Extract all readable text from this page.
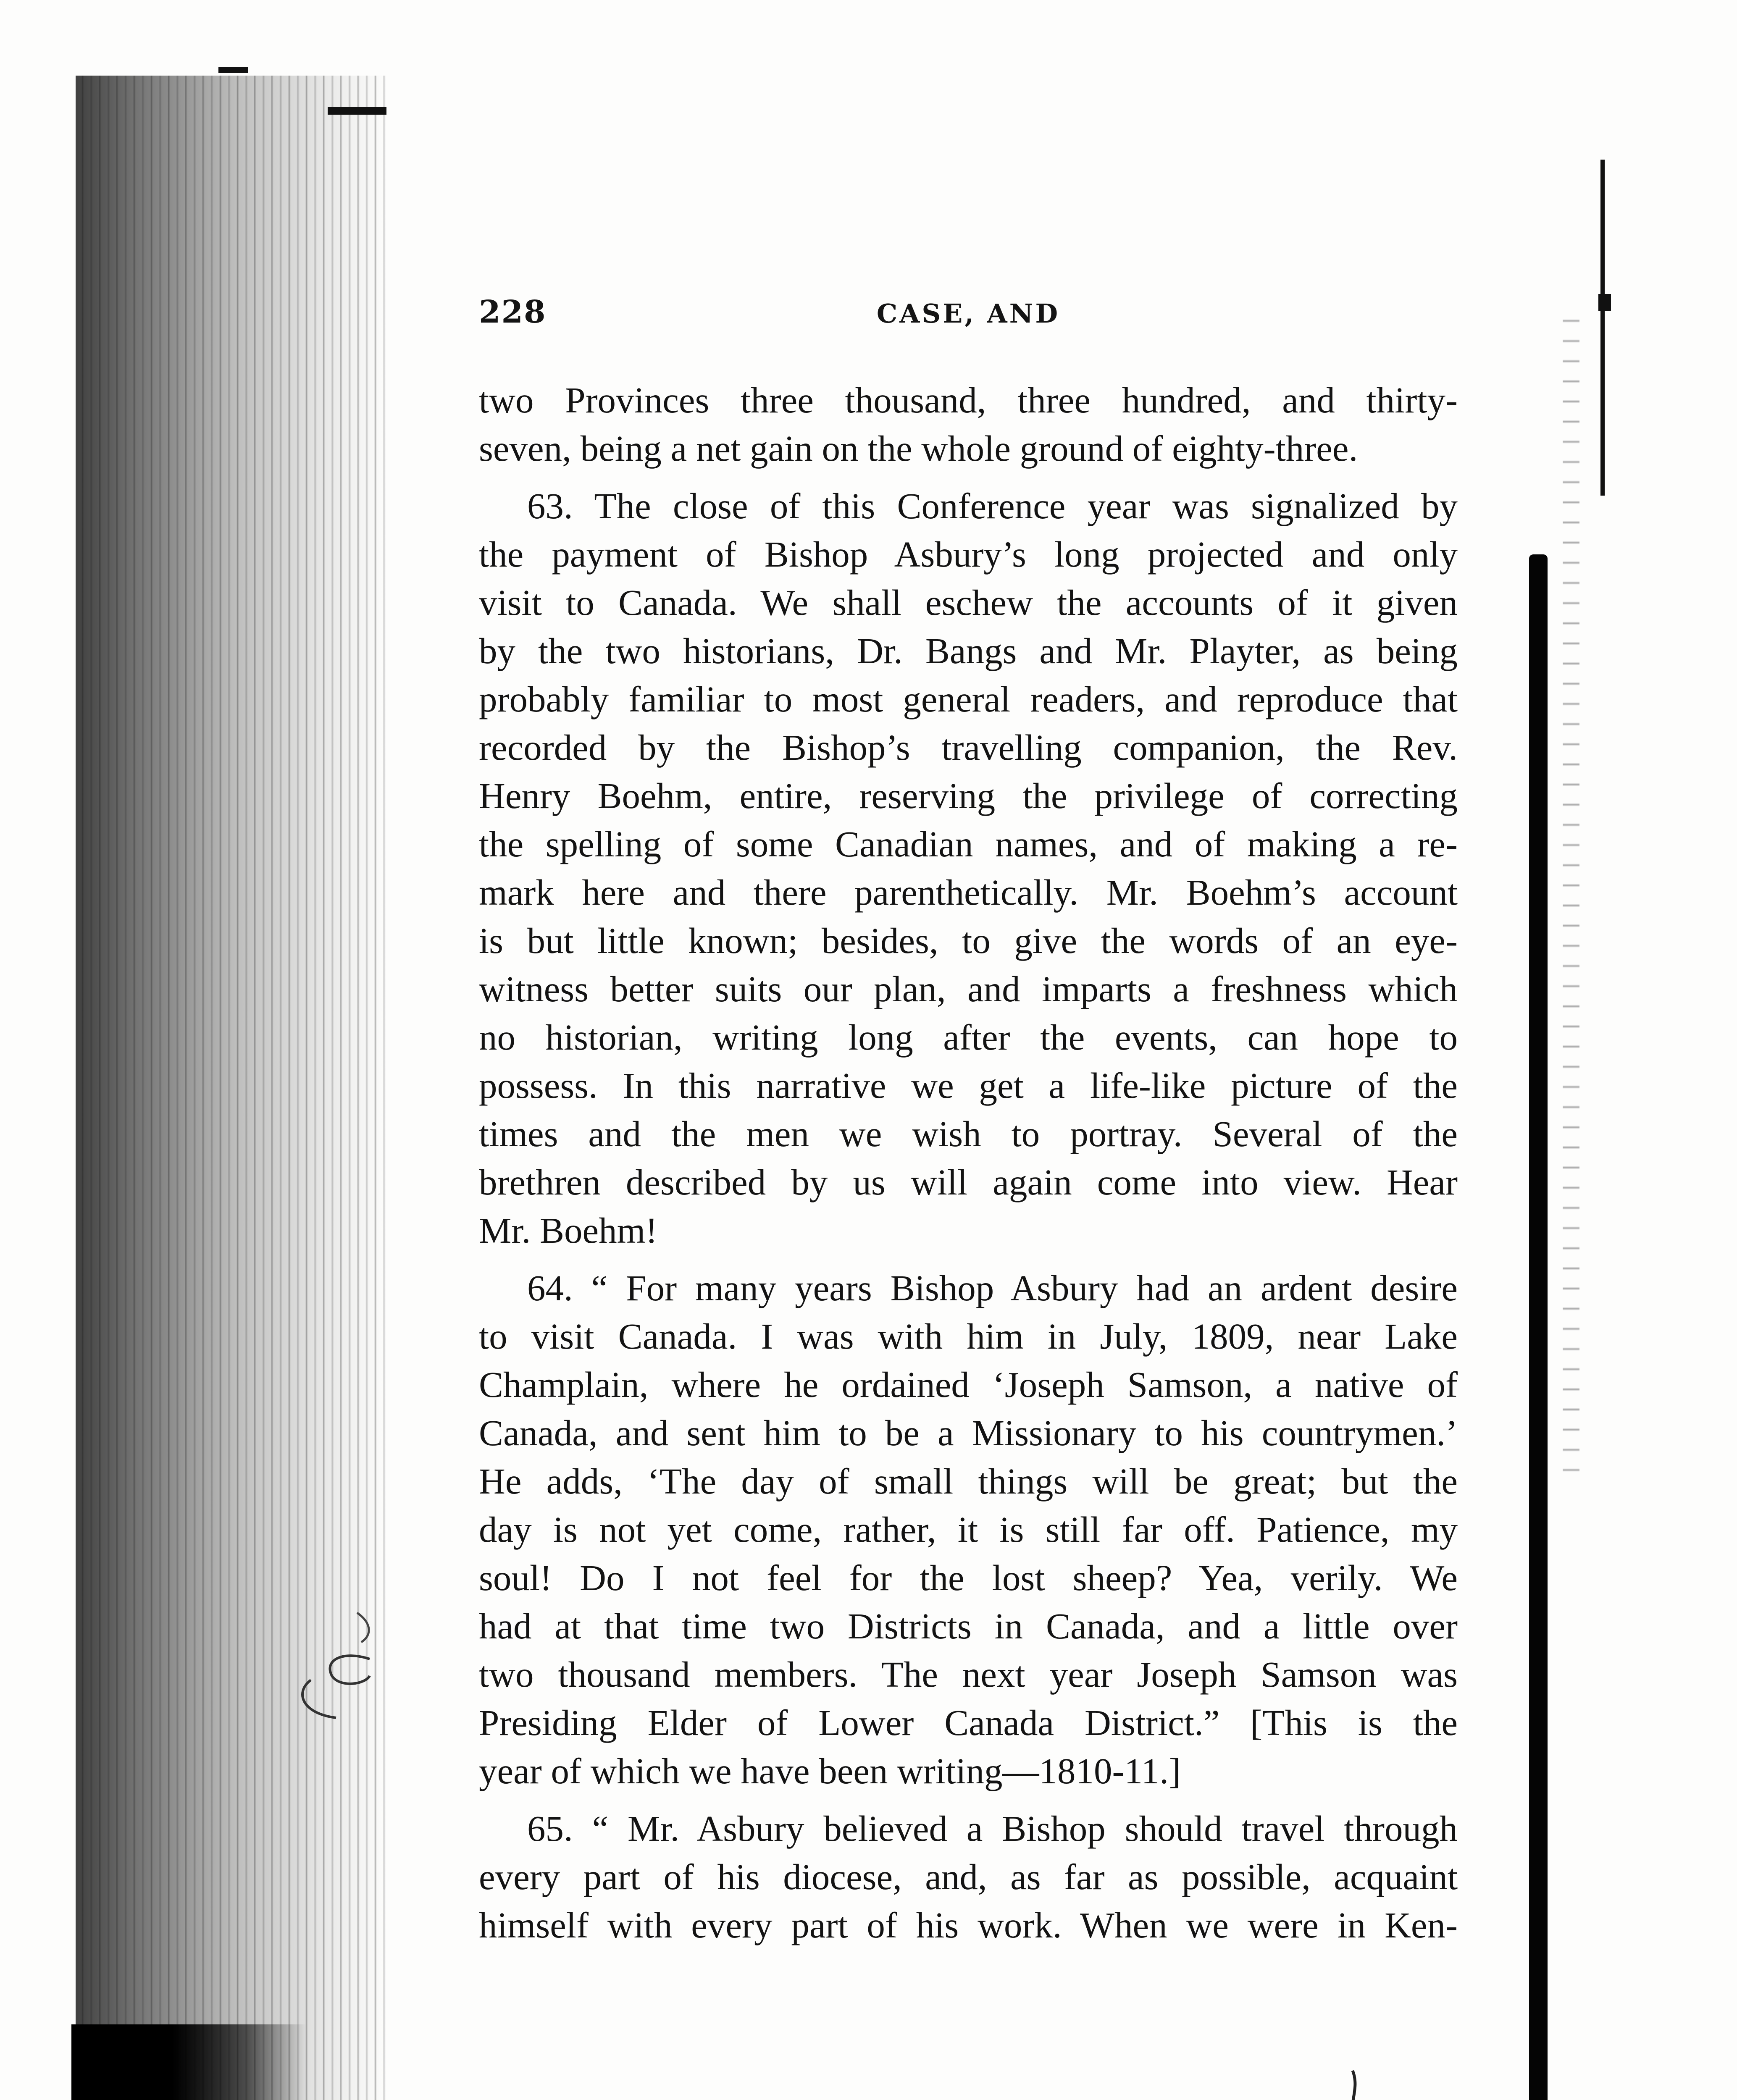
228	CASE, AND
two Provinces three thousand, three hundred, and thirty-
seven, being a net gain on the whole ground of eighty-three.
63. The close of this Conference year was signalized by
the payment of Bishop Asbury’s long projected and only
visit to Canada. We shall eschew the accounts of it given
by the two historians, Dr. Bangs and Mr. Playter, as being
probably familiar to most general readers, and reproduce that
recorded by the Bishop’s travelling companion, the Rev.
Henry Boehm, entire, reserving the privilege of correcting
the spelling of some Canadian names, and of making a re-
mark here and there parenthetically. Mr. Boehm’s account
is but little known; besides, to give the words of an eye-
witness better suits our plan, and imparts a freshness which
no historian, writing long after the events, can hope to
possess. In this narrative we get a life-like picture of the
times and the men we wish to portray. Several of the
brethren described by us will again come into view. Hear
Mr. Boehm!
64. “ For many years Bishop Asbury had an ardent desire
to visit Canada. I was with him in July, 1809, near Lake
Champlain, where he ordained ‘Joseph Samson, a native of
Canada, and sent him to be a Missionary to his countrymen.’
He adds, ‘The day of small things will be great; but the
day is not yet come, rather, it is still far off. Patience, my
soul! Do I not feel for the lost sheep? Yea, verily. We
had at that time two Districts in Canada, and a little over
two thousand members. The next year Joseph Samson was
Presiding Elder of Lower Canada District.” [This is the
year of which we have been writing—1810-11.]
65. “ Mr. Asbury believed a Bishop should travel through
every part of his diocese, and, as far as possible, acquaint
himself with every part of his work. When we were in Ken-
